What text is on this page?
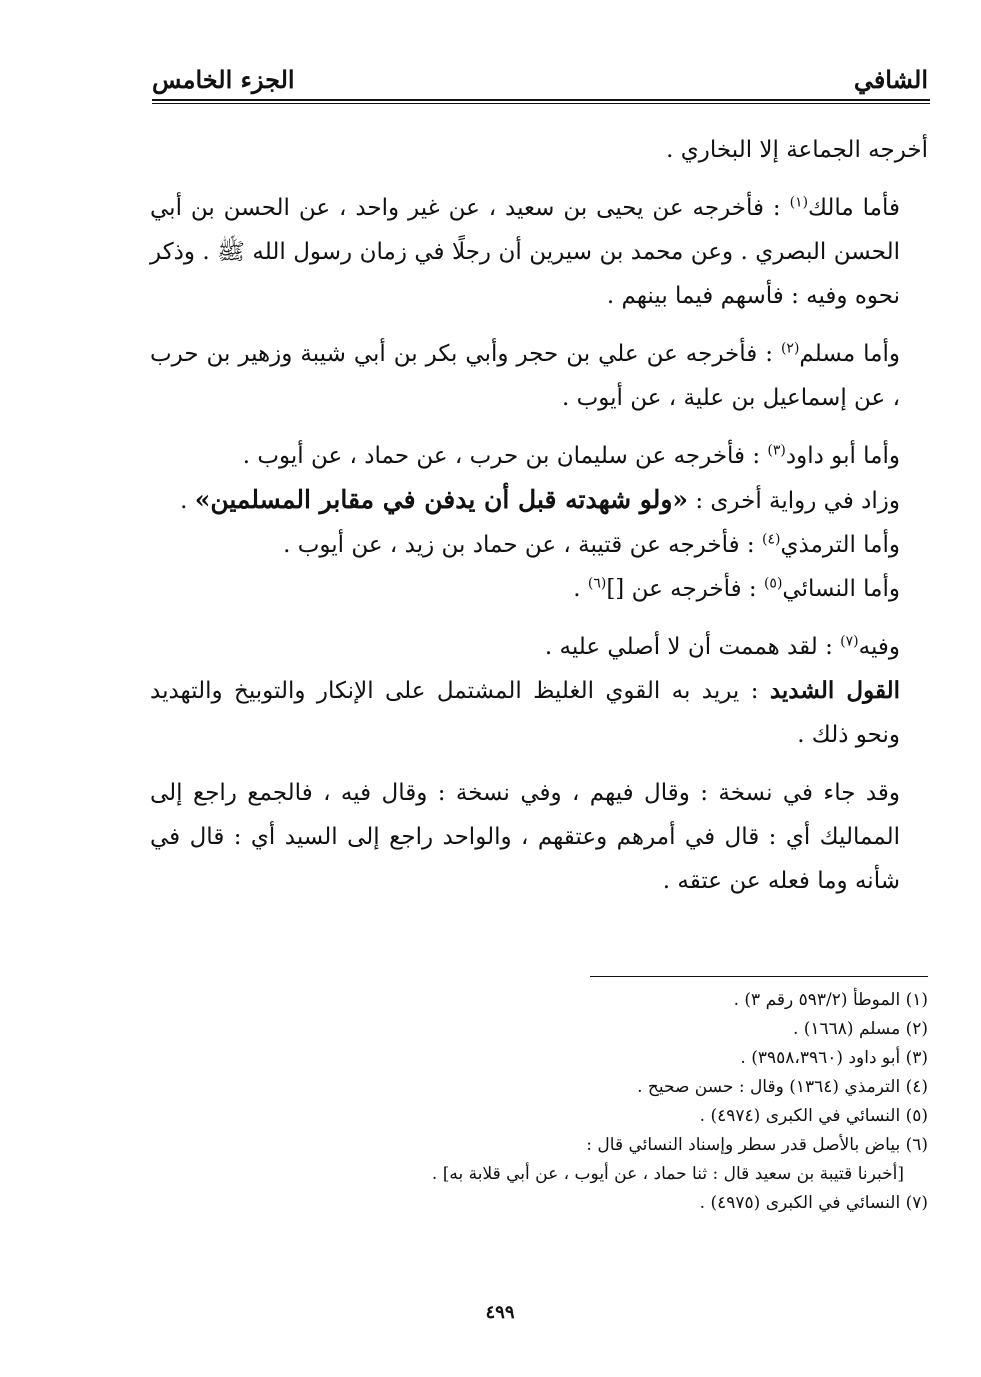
الشافي
الجزء الخامس

أخرجه الجماعة إلا البخاري .

فأما مالك$^{(١)}$ : فأخرجه عن يحيى بن سعيد ، عن غير واحد ، عن الحسن بن أبي الحسن البصري . وعن محمد بن سيرين أن رجلًا في زمان رسول الله ﷺ . وذكر نحوه وفيه : فأسهم فيما بينهم .

وأما مسلم$^{(٢)}$ : فأخرجه عن علي بن حجر وأبي بكر بن أبي شيبة وزهير بن حرب ، عن إسماعيل بن علية ، عن أيوب .

وأما أبو داود$^{(٣)}$ : فأخرجه عن سليمان بن حرب ، عن حماد ، عن أيوب .

وزاد في رواية أخرى : «ولو شهدته قبل أن يدفن في مقابر المسلمين» .

وأما الترمذي$^{(٤)}$ : فأخرجه عن قتيبة ، عن حماد بن زيد ، عن أيوب .

وأما النسائي$^{(٥)}$ : فأخرجه عن []$^{(٦)}$ .

وفيه$^{(٧)}$ : لقد هممت أن لا أصلي عليه .

القول الشديد : يريد به القوي الغليظ المشتمل على الإنكار والتوبيخ والتهديد ونحو ذلك .

وقد جاء في نسخة : وقال فيهم ، وفي نسخة : وقال فيه ، فالجمع راجع إلى المماليك أي : قال في أمرهم وعتقهم ، والواحد راجع إلى السيد أي : قال في شأنه وما فعله عن عتقه .

(١) الموطأ (٥٩٣/٢ رقم ٣) .

(٢) مسلم (١٦٦٨) .

(٣) أبو داود (٣٩٥٨،٣٩٦٠) .

(٤) الترمذي (١٣٦٤) وقال : حسن صحيح .

(٥) النسائي في الكبرى (٤٩٧٤) .

(٦) بياض بالأصل قدر سطر وإسناد النسائي قال :

[أخبرنا قتيبة بن سعيد قال : ثنا حماد ، عن أيوب ، عن أبي قلابة به] .

(٧) النسائي في الكبرى (٤٩٧٥) .

٤٩٩
